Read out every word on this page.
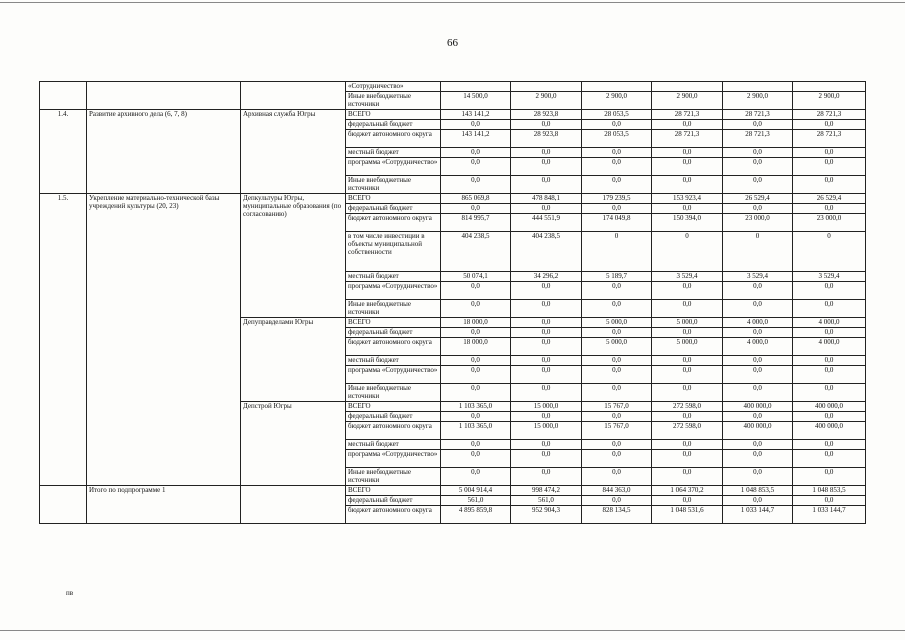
66
			«Сотрудничество»						
			Иные внебюджетные источники	14 500,0	2 900,0	2 900,0	2 900,0	2 900,0	2 900,0
1.4.	Развитие архивного дела (6, 7, 8)	Архивная служба Югры	ВСЕГО	143 141,2	28 923,8	28 053,5	28 721,3	28 721,3	28 721,3
			федеральный бюджет	0,0	0,0	0,0	0,0	0,0	0,0
			бюджет автономного округа	143 141,2	28 923,8	28 053,5	28 721,3	28 721,3	28 721,3
			местный бюджет	0,0	0,0	0,0	0,0	0,0	0,0
			программа «Сотрудничество»	0,0	0,0	0,0	0,0	0,0	0,0
			Иные внебюджетные источники	0,0	0,0	0,0	0,0	0,0	0,0
1.5.	Укрепление материально-технической базы учреждений культуры (20, 23)	Депкультуры Югры, муниципальные образования (по согласованию)	ВСЕГО	865 069,8	478 848,1	179 239,5	153 923,4	26 529,4	26 529,4
			федеральный бюджет	0,0	0,0	0,0	0,0	0,0	0,0
			бюджет автономного округа	814 995,7	444 551,9	174 049,8	150 394,0	23 000,0	23 000,0
			в том числе инвестиции в объекты муниципальной собственности	404 238,5	404 238,5	0	0	0	0
			местный бюджет	50 074,1	34 296,2	5 189,7	3 529,4	3 529,4	3 529,4
			программа «Сотрудничество»	0,0	0,0	0,0	0,0	0,0	0,0
			Иные внебюджетные источники	0,0	0,0	0,0	0,0	0,0	0,0
		Депуправделами Югры	ВСЕГО	18 000,0	0,0	5 000,0	5 000,0	4 000,0	4 000,0
			федеральный бюджет	0,0	0,0	0,0	0,0	0,0	0,0
			бюджет автономного округа	18 000,0	0,0	5 000,0	5 000,0	4 000,0	4 000,0
			местный бюджет	0,0	0,0	0,0	0,0	0,0	0,0
			программа «Сотрудничество»	0,0	0,0	0,0	0,0	0,0	0,0
			Иные внебюджетные источники	0,0	0,0	0,0	0,0	0,0	0,0
		Депстрой Югры	ВСЕГО	1 103 365,0	15 000,0	15 767,0	272 598,0	400 000,0	400 000,0
			федеральный бюджет	0,0	0,0	0,0	0,0	0,0	0,0
			бюджет автономного округа	1 103 365,0	15 000,0	15 767,0	272 598,0	400 000,0	400 000,0
			местный бюджет	0,0	0,0	0,0	0,0	0,0	0,0
			программа «Сотрудничество»	0,0	0,0	0,0	0,0	0,0	0,0
			Иные внебюджетные источники	0,0	0,0	0,0	0,0	0,0	0,0
	Итого по подпрограмме 1		ВСЕГО	5 004 914,4	998 474,2	844 363,0	1 064 370,2	1 048 853,5	1 048 853,5
			федеральный бюджет	561,0	561,0	0,0	0,0	0,0	0,0
			бюджет автономного округа	4 895 859,8	952 904,3	828 134,5	1 048 531,6	1 033 144,7	1 033 144,7
пв
